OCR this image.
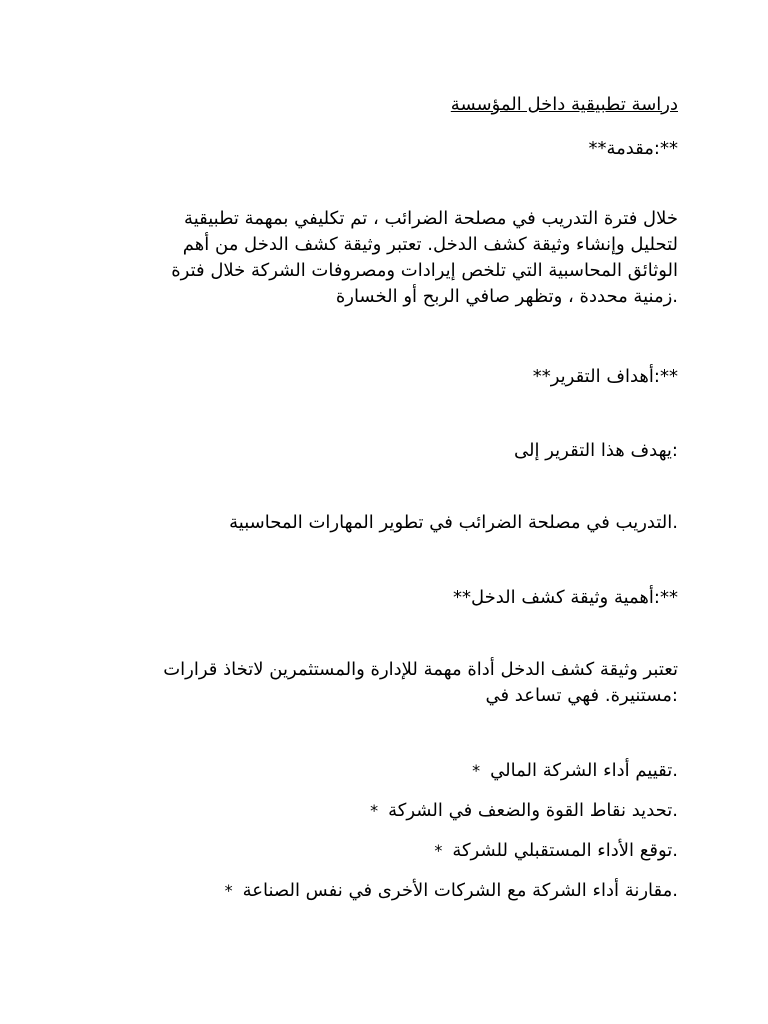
دراسة تطبيقية داخل المؤسسة
**:مقدمة**
خلال فترة التدريب في مصلحة الضرائب ، تم تكليفي بمهمة تطبيقية
لتحليل وإنشاء وثيقة كشف الدخل. تعتبر وثيقة كشف الدخل من أهم
الوثائق المحاسبية التي تلخص إيرادات ومصروفات الشركة خلال فترة
.زمنية محددة ، وتظهر صافي الربح أو الخسارة
**:أهداف التقرير**
:يهدف هذا التقرير إلى
.التدريب في مصلحة الضرائب في تطوير المهارات المحاسبية
**:أهمية وثيقة كشف الدخل**
تعتبر وثيقة كشف الدخل أداة مهمة للإدارة والمستثمرين لاتخاذ قرارات
:مستنيرة. فهي تساعد في
.تقييم أداء الشركة المالي*
.تحديد نقاط القوة والضعف في الشركة*
.توقع الأداء المستقبلي للشركة*
.مقارنة أداء الشركة مع الشركات الأخرى في نفس الصناعة*
